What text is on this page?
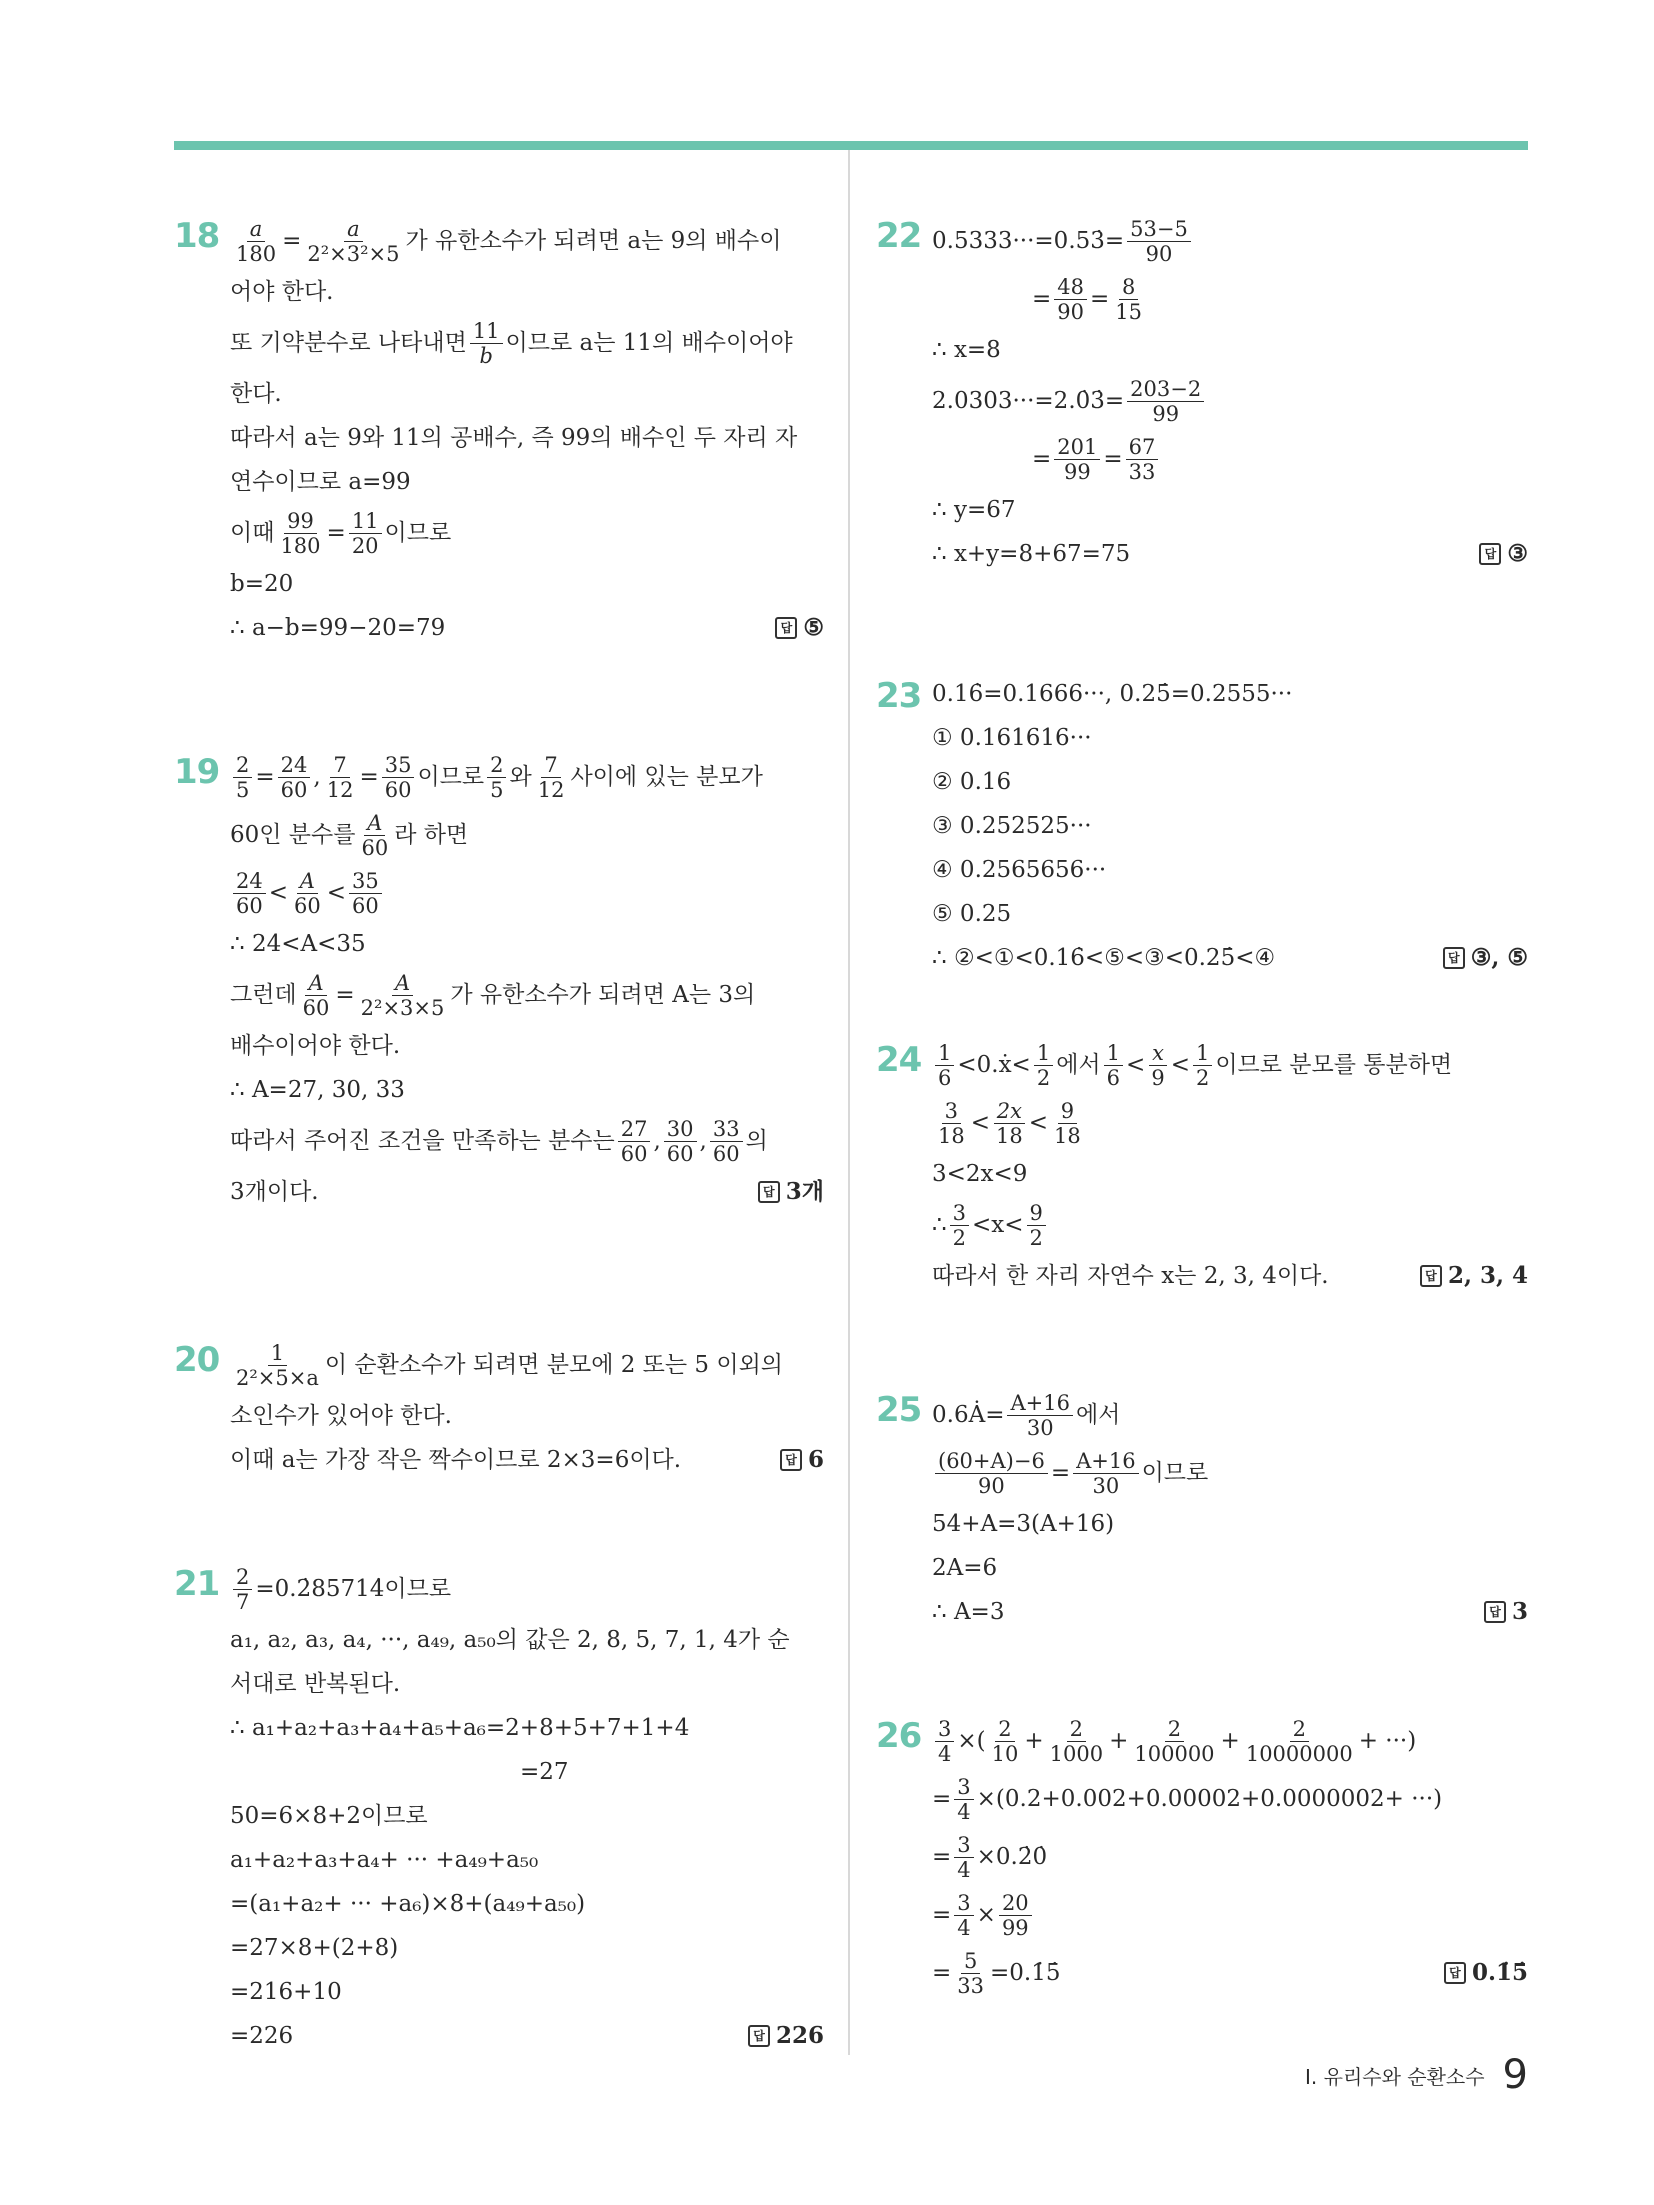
$18 \frac{a}{180} = \frac{a}{\text{2²×3²×5}}$ 가 유한소수가 되려면 a는 9의 배수이
어야 한다.
또 기약분수로 나타내면 $\frac{11}{b}$ 이므로 a는 11의 배수이어야
한다.
따라서 a는 9와 11의 공배수, 즉 99의 배수인 두 자리 자
연수이므로 a=99
이때 $\frac{99}{180} = \frac{11}{20}$ 이므로
b=20
∴ a−b=99−20=79	답 ⑤
$19 \frac{2}{5} = \frac{24}{60}$ , $\frac{7}{12} = \frac{35}{60}$ 이므로 $\frac{2}{5}$ 와 $\frac{7}{12}$ 사이에 있는 분모가
60인 분수를 $\frac{A}{60}$ 라 하면
$\frac{24}{60} < \frac{A}{60} < \frac{35}{60}$
∴ 24<A<35
그런데 $\frac{A}{60} = \frac{A}{\text{2²×3×5}}$ 가 유한소수가 되려면 A는 3의
배수이어야 한다.
∴ A=27, 30, 33
따라서 주어진 조건을 만족하는 분수는 $\frac{27}{60}$ , $\frac{30}{60}$ , $\frac{33}{60}$ 의
3개이다.	답 3개
$20 \frac{1}{\text{2²×5×a}}$ 이 순환소수가 되려면 분모에 2 또는 5 이외의
소인수가 있어야 한다.
이때 a는 가장 작은 짝수이므로 2×3=6이다.	답 6
$21 \frac{2}{7}$ =0.2̇85714̇이므로
a₁, a₂, a₃, a₄, ···, a₄₉, a₅₀의 값은 2, 8, 5, 7, 1, 4가 순
서대로 반복된다.
∴ a₁+a₂+a₃+a₄+a₅+a₆=2+8+5+7+1+4
=27
50=6×8+2이므로
a₁+a₂+a₃+a₄+ ··· +a₄₉+a₅₀
=(a₁+a₂+ ··· +a₆)×8+(a₄₉+a₅₀)
=27×8+(2+8)
=216+10
=226	답 226
22 0.5333···=0.53̇= $\frac{53-5}{90}$
= $\frac{48}{90} = \frac{8}{15}$
∴ x=8
2.0303···=2.0̇3̇= $\frac{203-2}{99}$
= $\frac{201}{99} = \frac{67}{33}$
∴ y=67
∴ x+y=8+67=75	답 ③
23 0.16̇=0.1666···, 0.25̇=0.2555···
① 0.161616···
② 0.16
③ 0.252525···
④ 0.2565656···
⑤ 0.25
∴ ②<①<0.16̇<⑤<③<0.25̇<④	답 ③, ⑤
$24 \frac{1}{6}$ <0.ẋ< $\frac{1}{2}$ 에서 $\frac{1}{6} < \frac{x}{9} < \frac{1}{2}$ 이므로 분모를 통분하면
$\frac{3}{18} < \frac{2x}{18} < \frac{9}{18}$
3<2x<9
∴ $\frac{3}{2} <x< \frac{9}{2}$
따라서 한 자리 자연수 x는 2, 3, 4이다.	답 2, 3, 4
25 0.6Ȧ= $\frac{A+16}{30}$ 에서
$\frac{(60+A)-6}{90} = \frac{A+16}{30}$ 이므로
54+A=3(A+16)
2A=6
∴ A=3	답 3
$26 \frac{3}{4}$ ×( $\frac{2}{10} + \frac{2}{1000} + \frac{2}{100000} + \frac{2}{10000000}$ + ···)
= $\frac{3}{4} \times(0.2+0.002+0.00002+0.0000002+$ ···)
= $\frac{3}{4}$ ×0.2̇0̇
= $\frac{3}{4} \times \frac{20}{99}$
= $\frac{5}{33}$ =0.1̇5̇	답 0.1̇5̇
I. 유리수와 순환소수 9
